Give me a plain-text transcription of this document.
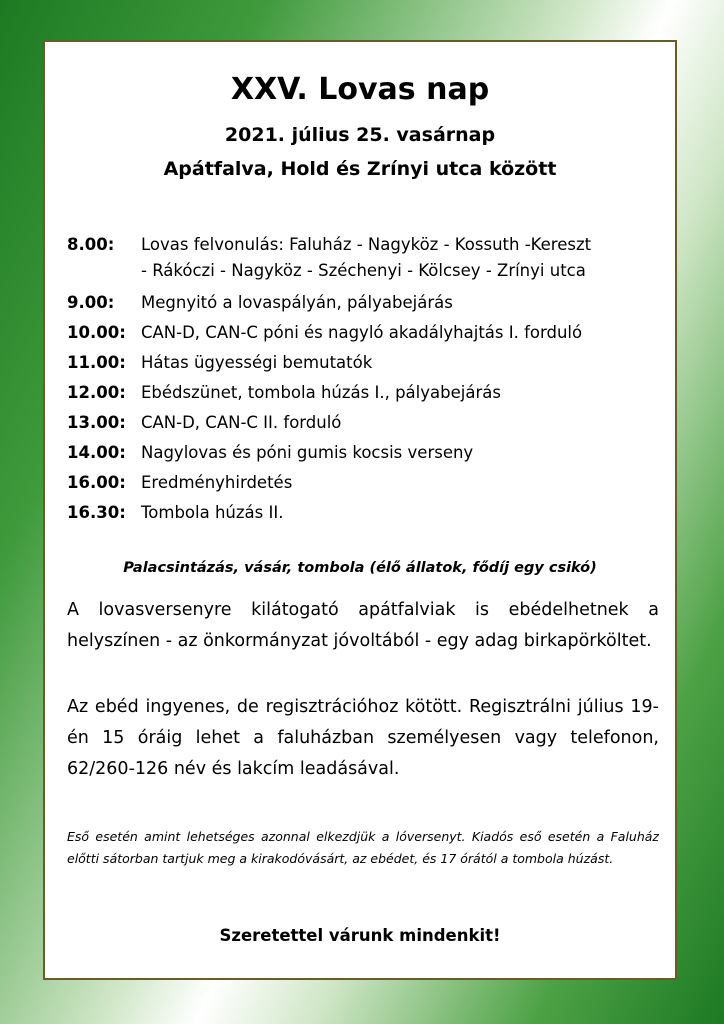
XXV. Lovas nap
2021. július 25. vasárnap
Apátfalva, Hold és Zrínyi utca között
8.00:	Lovas felvonulás: Faluház - Nagyköz - Kossuth -Kereszt
- Rákóczi - Nagyköz - Széchenyi - Kölcsey - Zrínyi utca
9.00:	Megnyitó a lovaspályán, pályabejárás
10.00: CAN-D, CAN-C póni és nagyló akadályhajtás I. forduló
11.00: Hátas ügyességi bemutatók
12.00: Ebédszünet, tombola húzás I., pályabejárás
13.00: CAN-D, CAN-C II. forduló
14.00: Nagylovas és póni gumis kocsis verseny
16.00: Eredményhirdetés
16.30: Tombola húzás II.
Palacsintázás, vásár, tombola (élő állatok, fődíj egy csikó)
A lovasversenyre kilátogató apátfalviak is ebédelhetnek a helyszínen - az önkormányzat jóvoltából - egy adag birkapörköltet.
Az ebéd ingyenes, de regisztrációhoz kötött. Regisztrálni július 19-én 15 óráig lehet a faluházban személyesen vagy telefonon, 62/260-126 név és lakcím leadásával.
Eső esetén amint lehetséges azonnal elkezdjük a lóversenyt. Kiadós eső esetén a Faluház előtti sátorban tartjuk meg a kirakodóvásárt, az ebédet, és 17 órától a tombola húzást.
Szeretettel várunk mindenkit!
